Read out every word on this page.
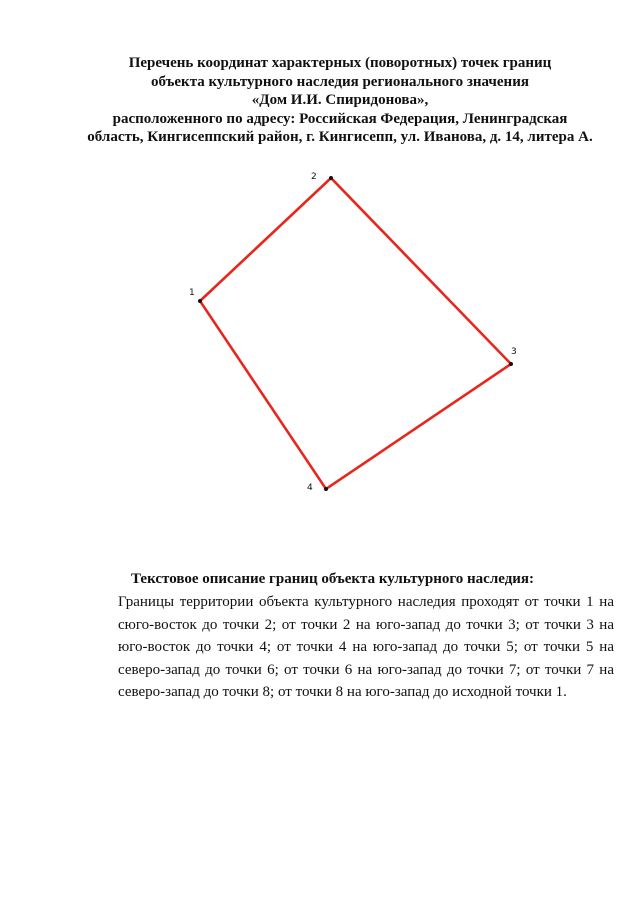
Перечень координат характерных (поворотных) точек границ
объекта культурного наследия регионального значения
«Дом И.И. Спиридонова»,
расположенного по адресу: Российская Федерация, Ленинградская
область, Кингисеппский район, г. Кингисепп, ул. Иванова, д. 14, литера А.
1
2
3
4
Текстовое описание границ объекта культурного наследия:
Границы территории объекта культурного наследия проходят от точки 1 на сюго-восток до точки 2; от точки 2 на юго-запад до точки 3; от точки 3 на юго-восток до точки 4; от точки 4 на юго-запад до точки 5; от точки 5 на северо-запад до точки 6; от точки 6 на юго-запад до точки 7; от точки 7 на северо-запад до точки 8; от точки 8 на юго-запад до исходной точки 1.
